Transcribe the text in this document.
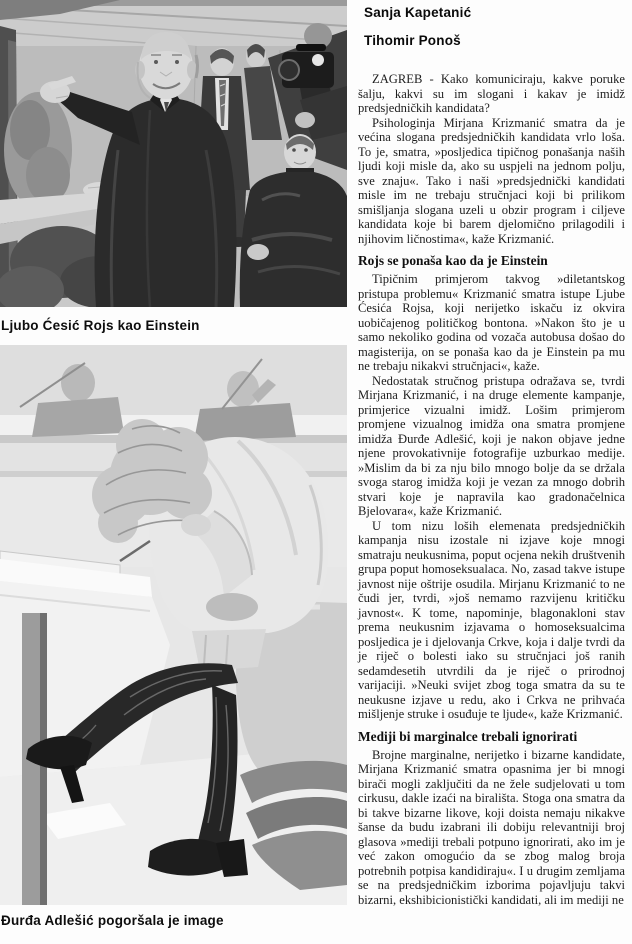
Ljubo Ćesić Rojs kao Einstein
Đurđa Adlešić pogoršala je image
Sanja Kapetanić
Tihomir Ponoš

ZAGREB - Kako komuniciraju, kakve poruke šalju, kakvi su im slogani i kakav je imidž predsjedničkih kandidata?

Psihologinja Mirjana Krizmanić smatra da je većina slogana predsjedničkih kandidata vrlo loša. To je, smatra, »posljedica tipičnog ponašanja naših ljudi koji misle da, ako su uspjeli na jednom polju, sve znaju«. Tako i naši »predsjednički kandidati misle im ne trebaju stručnjaci koji bi prilikom smišljanja slogana uzeli u obzir program i ciljeve kandidata koje bi barem djelomično prilagodili i njihovim ličnostima«, kaže Krizmanić.

Rojs se ponaša kao da je Einstein

Tipičnim primjerom takvog »diletantskog pristupa problemu« Krizmanić smatra istupe Ljube Ćesića Rojsa, koji nerijetko iskaču iz okvira uobičajenog političkog bontona. »Nakon što je u samo nekoliko godina od vozača autobusa došao do magisterija, on se ponaša kao da je Einstein pa mu ne trebaju nikakvi stručnjaci«, kaže.

Nedostatak stručnog pristupa odražava se, tvrdi Mirjana Krizmanić, i na druge elemente kampanje, primjerice vizualni imidž. Lošim primjerom promjene vizualnog imidža ona smatra promjene imidža Đurđe Adlešić, koji je nakon objave jedne njene provokativnije fotografije uzburkao medije. »Mislim da bi za nju bilo mnogo bolje da se držala svoga starog imidža koji je vezan za mnogo dobrih stvari koje je napravila kao gradonačelnica Bjelovara«, kaže Krizmanić.

U tom nizu loših elemenata predsjedničkih kampanja nisu izostale ni izjave koje mnogi smatraju neukusnima, poput ocjena nekih društvenih grupa poput homoseksualaca. No, zasad takve istupe javnost nije oštrije osudila. Mirjanu Krizmanić to ne čudi jer, tvrdi, »još nemamo razvijenu kritičku javnost«. K tome, napominje, blagonakloni stav prema neukusnim izjavama o homoseksualcima posljedica je i djelovanja Crkve, koja i dalje tvrdi da je riječ o bolesti iako su stručnjaci još ranih sedamdesetih utvrdili da je riječ o prirodnoj varijaciji. »Neuki svijet zbog toga smatra da su te neukusne izjave u redu, ako i Crkva ne prihvaća mišljenje struke i osuđuje te ljude«, kaže Krizmanić.

Mediji bi marginalce trebali ignorirati

Brojne marginalne, nerijetko i bizarne kandidate, Mirjana Krizmanić smatra opasnima jer bi mnogi birači mogli zaključiti da ne žele sudjelovati u tom cirkusu, dakle izaći na birališta. Stoga ona smatra da bi takve bizarne likove, koji doista nemaju nikakve šanse da budu izabrani ili dobiju relevantniji broj glasova »mediji trebali potpuno ignorirati, ako im je već zakon omogućio da se zbog malog broja potrebnih potpisa kandidiraju«. I u drugim zemljama se na predsjedničkim izborima pojavljuju takvi bizarni, ekshibicionistički kandidati, ali im mediji ne
